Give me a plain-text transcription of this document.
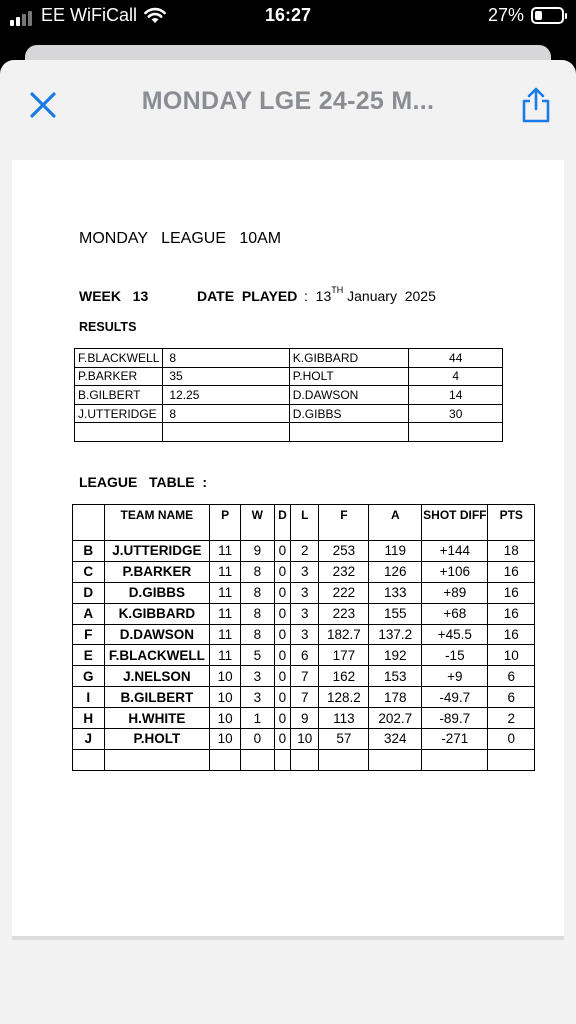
EE WiFiCall	16:27	27%
MONDAY LGE 24-25 M...
MONDAY   LEAGUE   10AM
WEEK   13	DATE  PLAYED :  13TH January  2025
RESULTS
F.BLACKWELL	8	K.GIBBARD	44
P.BARKER	35	P.HOLT	4
B.GILBERT	12.25	D.DAWSON	14
J.UTTERIDGE	8	D.GIBBS	30

LEAGUE   TABLE  :
	TEAM NAME	P	W	D	L	F	A	SHOT DIFF	PTS
B	J.UTTERIDGE	11	9	0	2	253	119	+144	18
C	P.BARKER	11	8	0	3	232	126	+106	16
D	D.GIBBS	11	8	0	3	222	133	+89	16
A	K.GIBBARD	11	8	0	3	223	155	+68	16
F	D.DAWSON	11	8	0	3	182.7	137.2	+45.5	16
E	F.BLACKWELL	11	5	0	6	177	192	-15	10
G	J.NELSON	10	3	0	7	162	153	+9	6
I	B.GILBERT	10	3	0	7	128.2	178	-49.7	6
H	H.WHITE	10	1	0	9	113	202.7	-89.7	2
J	P.HOLT	10	0	0	10	57	324	-271	0
